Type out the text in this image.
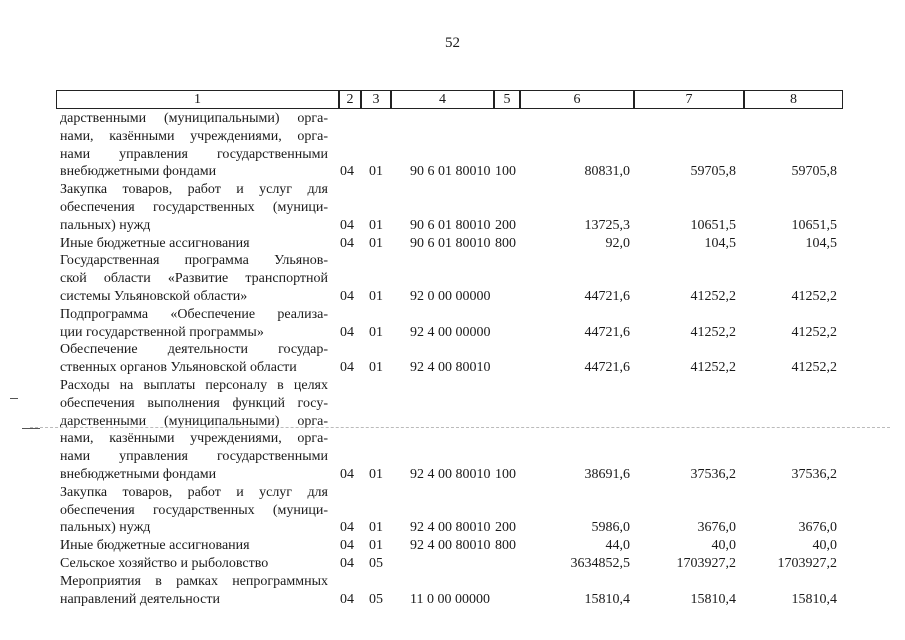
52
1	2	3	4	5	6	7	8
дарственными (муниципальными) орга-
нами, казёнными учреждениями, орга-
нами управления государственными
внебюджетными фондами	04 01 90 6 01 80010 100	80831,0	59705,8	59705,8
Закупка товаров, работ и услуг для
обеспечения государственных (муници-
пальных) нужд	04 01 90 6 01 80010 200	13725,3	10651,5	10651,5
Иные бюджетные ассигнования	04 01 90 6 01 80010 800	92,0	104,5	104,5
Государственная программа Ульянов-
ской области «Развитие транспортной
системы Ульяновской области»	04 01 92 0 00 00000	44721,6	41252,2	41252,2
Подпрограмма «Обеспечение реализа-
ции государственной программы»	04 01 92 4 00 00000	44721,6	41252,2	41252,2
Обеспечение деятельности государ-
ственных органов Ульяновской области	04 01 92 4 00 80010	44721,6	41252,2	41252,2
Расходы на выплаты персоналу в целях
обеспечения выполнения функций госу-
дарственными (муниципальными) орга-
нами, казёнными учреждениями, орга-
нами управления государственными
внебюджетными фондами	04 01 92 4 00 80010 100	38691,6	37536,2	37536,2
Закупка товаров, работ и услуг для
обеспечения государственных (муници-
пальных) нужд	04 01 92 4 00 80010 200	5986,0	3676,0	3676,0
Иные бюджетные ассигнования	04 01 92 4 00 80010 800	44,0	40,0	40,0
Сельское хозяйство и рыболовство	04 05	3634852,5	1703927,2	1703927,2
Мероприятия в рамках непрограммных
направлений деятельности	04 05 11 0 00 00000	15810,4	15810,4	15810,4
